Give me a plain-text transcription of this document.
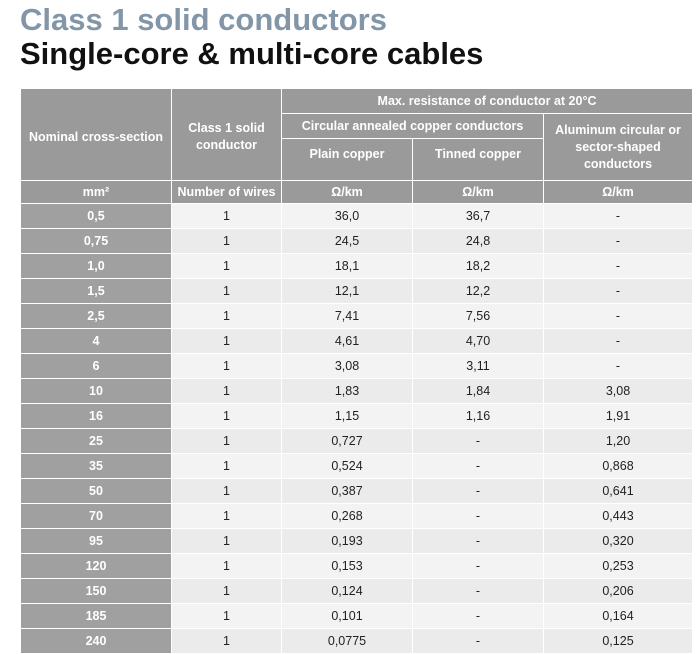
Class 1 solid conductors
Single-core & multi-core cables
Nominal cross-section	Class 1 solid conductor	Max. resistance of conductor at 20°C		
		Circular annealed copper conductors		Aluminum circular or sector-shaped conductors
		Plain copper	Tinned copper	
mm²	Number of wires	Ω/km	Ω/km	Ω/km
0,5	1	36,0	36,7	-
0,75	1	24,5	24,8	-
1,0	1	18,1	18,2	-
1,5	1	12,1	12,2	-
2,5	1	7,41	7,56	-
4	1	4,61	4,70	-
6	1	3,08	3,11	-
10	1	1,83	1,84	3,08
16	1	1,15	1,16	1,91
25	1	0,727	-	1,20
35	1	0,524	-	0,868
50	1	0,387	-	0,641
70	1	0,268	-	0,443
95	1	0,193	-	0,320
120	1	0,153	-	0,253
150	1	0,124	-	0,206
185	1	0,101	-	0,164
240	1	0,0775	-	0,125
